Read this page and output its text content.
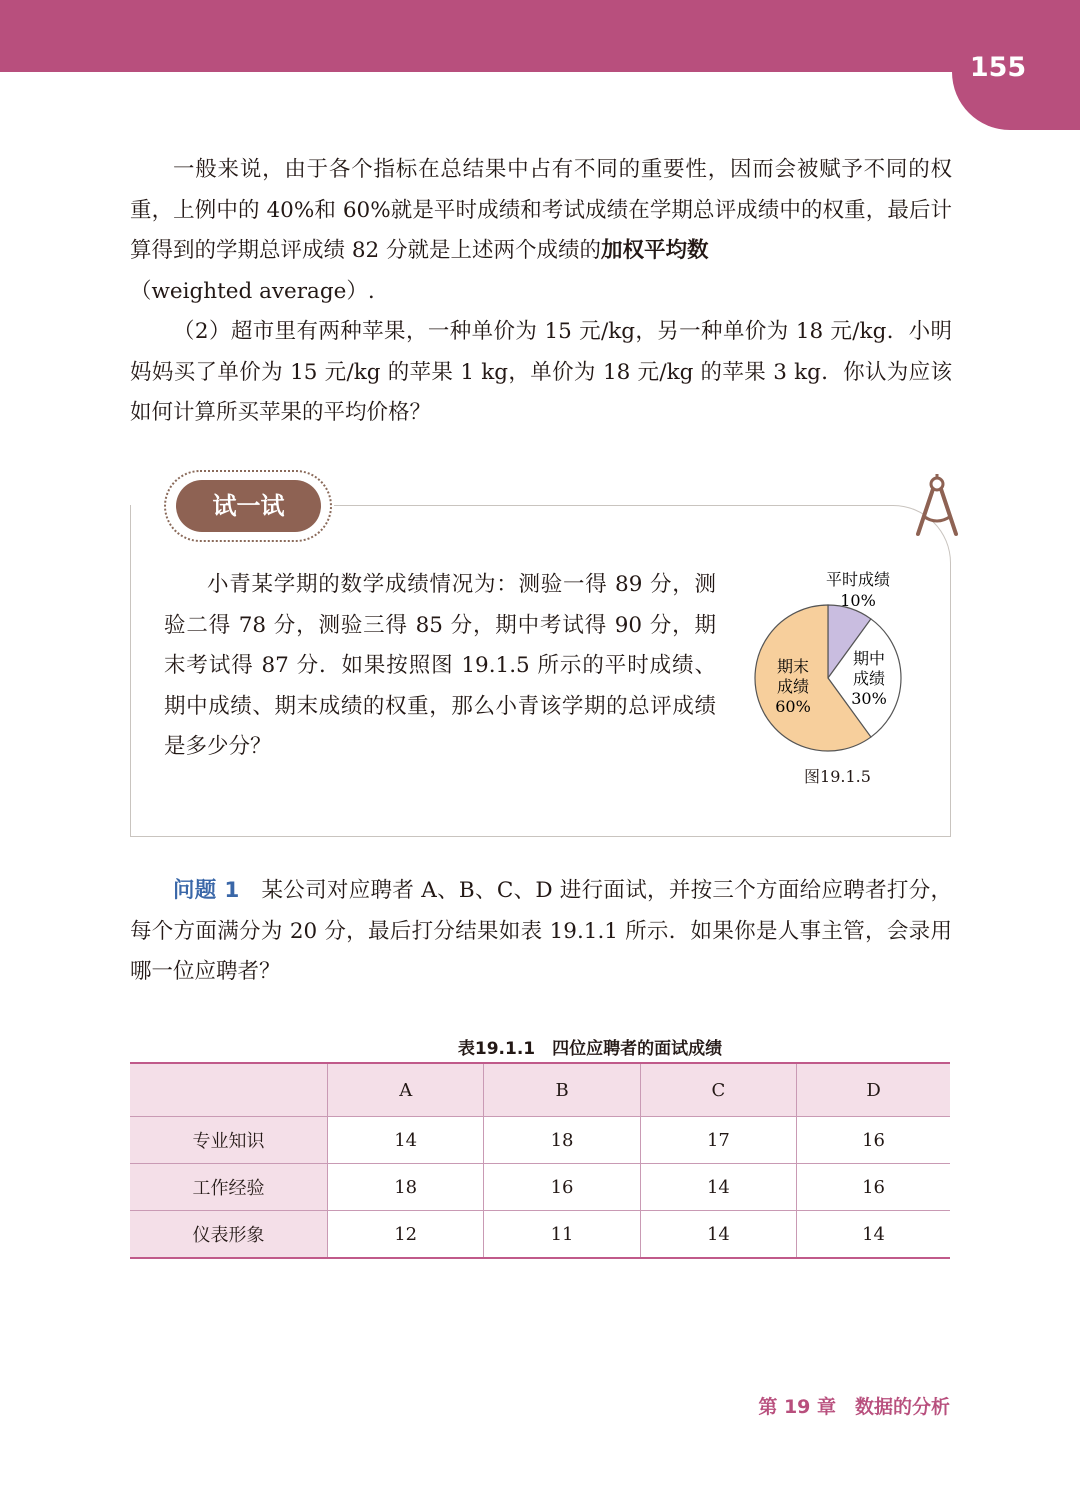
155

一般来说，由于各个指标在总结果中占有不同的重要性，因而会被赋予不同的权重，上例中的 40%和 60%就是平时成绩和考试成绩在学期总评成绩中的权重，最后计算得到的学期总评成绩 82 分就是上述两个成绩的加权平均数
（weighted average）.

（2）超市里有两种苹果，一种单价为 15 元/kg，另一种单价为 18 元/kg．小明妈妈买了单价为 15 元/kg 的苹果 1 kg，单价为 18 元/kg 的苹果 3 kg．你认为应该如何计算所买苹果的平均价格？

试一试

小青某学期的数学成绩情况为：测验一得 89 分，测验二得 78 分，测验三得 85 分，期中考试得 90 分，期末考试得 87 分．如果按照图 19.1.5 所示的平时成绩、期中成绩、期末成绩的权重，那么小青该学期的总评成绩是多少分？

平时成绩
10%
期中
成绩
30%
期末
成绩
60%
图19.1.5

问题 1　 某公司对应聘者 A、B、C、D 进行面试，并按三个方面给应聘者打分，每个方面满分为 20 分，最后打分结果如表 19.1.1 所示．如果你是人事主管，会录用哪一位应聘者？

表19.1.1　四位应聘者的面试成绩
	A	B	C	D
专业知识	14	18	17	16
工作经验	18	16	14	16
仪表形象	12	11	14	14
第 19 章　数据的分析
